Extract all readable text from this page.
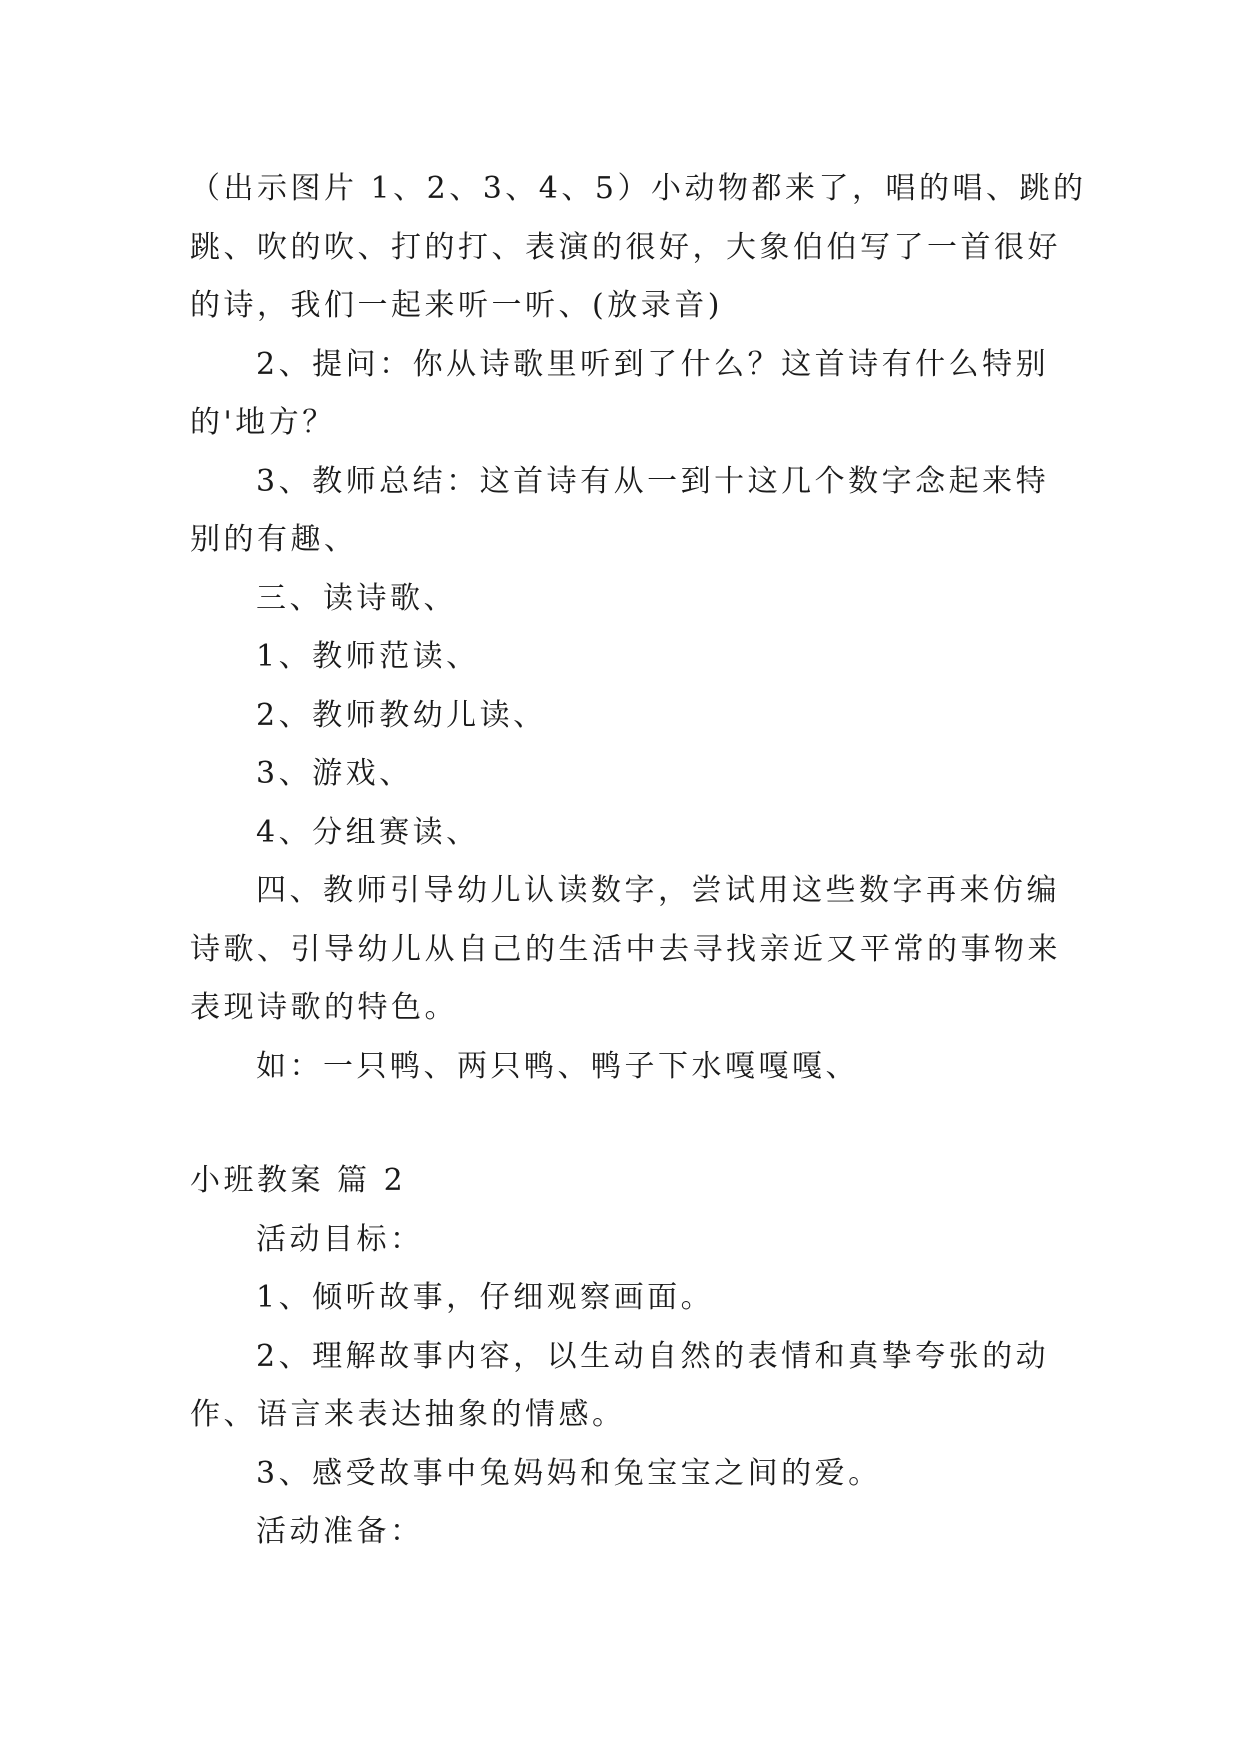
（出示图片 1、2、3、4、5）小动物都来了，唱的唱、跳的

跳、吹的吹、打的打、表演的很好，大象伯伯写了一首很好

的诗，我们一起来听一听、(放录音)

2、提问：你从诗歌里听到了什么？这首诗有什么特别

的'地方？

3、教师总结：这首诗有从一到十这几个数字念起来特

别的有趣、

三、读诗歌、

1、教师范读、

2、教师教幼儿读、

3、游戏、

4、分组赛读、

四、教师引导幼儿认读数字，尝试用这些数字再来仿编

诗歌、引导幼儿从自己的生活中去寻找亲近又平常的事物来

表现诗歌的特色。

如：一只鸭、两只鸭、鸭子下水嘎嘎嘎、

小班教案 篇 2

活动目标：

1、倾听故事，仔细观察画面。

2、理解故事内容，以生动自然的表情和真挚夸张的动

作、语言来表达抽象的情感。

3、感受故事中兔妈妈和兔宝宝之间的爱。

活动准备：
